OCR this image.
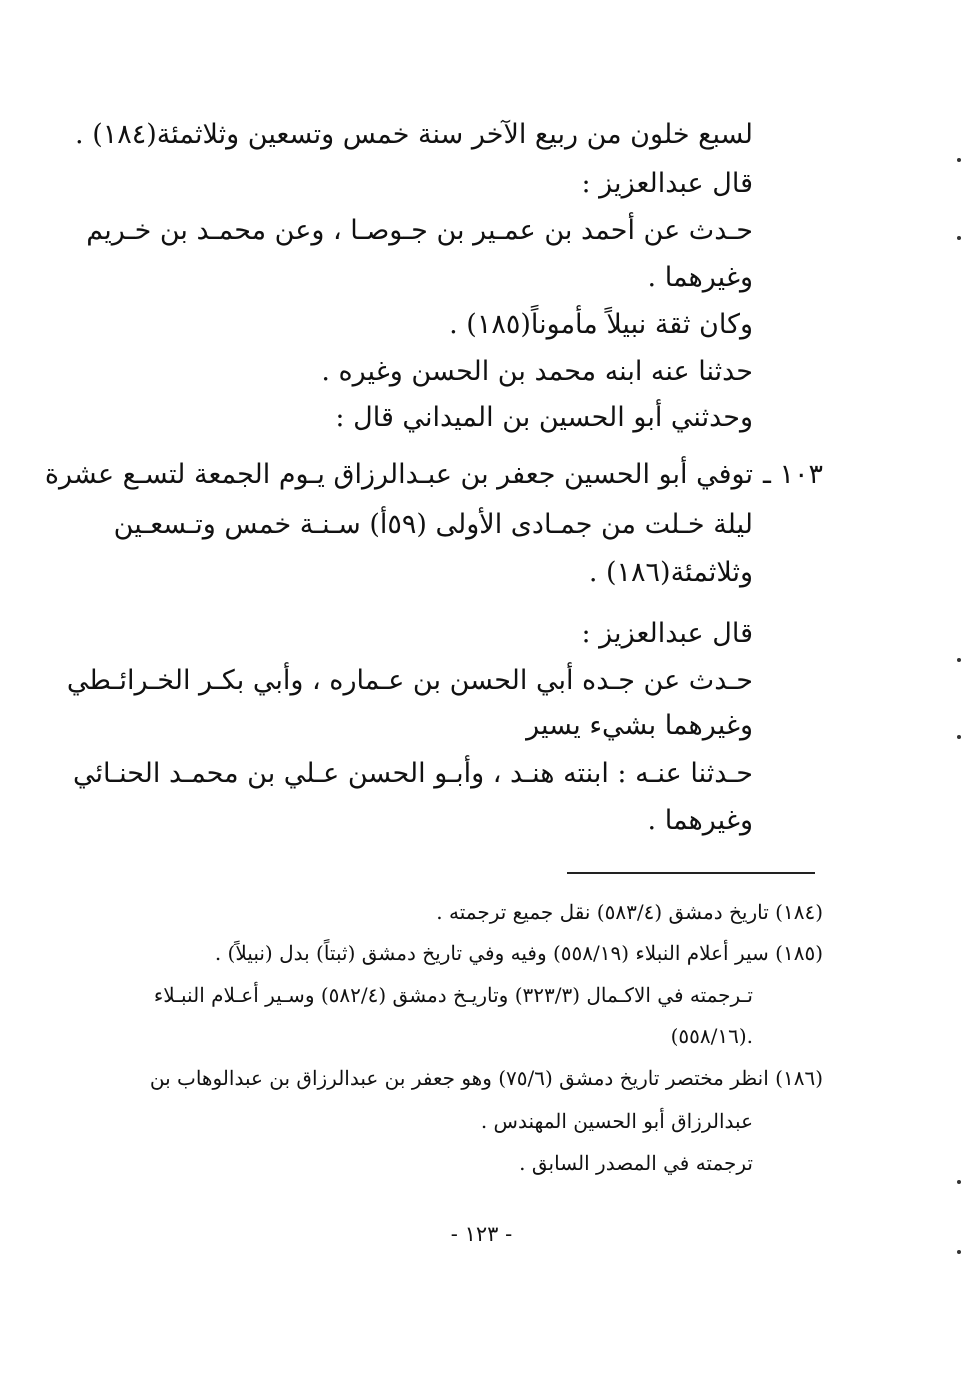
لسبع خلون من ربيع الآخر سنة خمس وتسعين وثلاثمئة(١٨٤) .
قال عبدالعزيز :
حـدث عن أحمد بن عمـير بن جـوصـا ، وعن محمـد بن خـريم
وغيرهما .
وكان ثقة نبيلاً مأموناً(١٨٥) .
حدثنا عنه ابنه محمد بن الحسن وغيره .
وحدثني أبو الحسين بن الميداني قال :
١٠٣ ـ
توفي أبو الحسين جعفر بن عبـدالرزاق يـوم الجمعة لتسـع عشرة
ليلة خـلت من جمـادى الأولى (٥٩أ) سـنـة خمس وتـسعـين
وثلاثمئة(١٨٦) .
قال عبدالعزيز :
حـدث عن جـده أبي الحسن بن عـماره ، وأبي بكـر الخـرائـطي
وغيرهما بشيء يسير
حـدثنا عنـه : ابنته هنـد ، وأبـو الحسن عـلي بن محمـد الحنـائي
وغيرهما .
(١٨٤) تاريخ دمشق (٥٨٣/٤) نقل جميع ترجمته .
(١٨٥) سير أعلام النبلاء (٥٥٨/١٩) وفيه وفي تاريخ دمشق (ثبتاً) بدل (نبيلاً) .
تـرجمته في الاكـمال (٣٢٣/٣) وتاريـخ دمشق (٥٨٢/٤) وسـير أعـلام النبـلاء
(٥٥٨/١٦).
(١٨٦) انظر مختصر تاريخ دمشق (٧٥/٦) وهو جعفر بن عبدالرزاق بن عبدالوهاب بن
عبدالرزاق أبو الحسين المهندس .
ترجمته في المصدر السابق .
- ١٢٣ -
